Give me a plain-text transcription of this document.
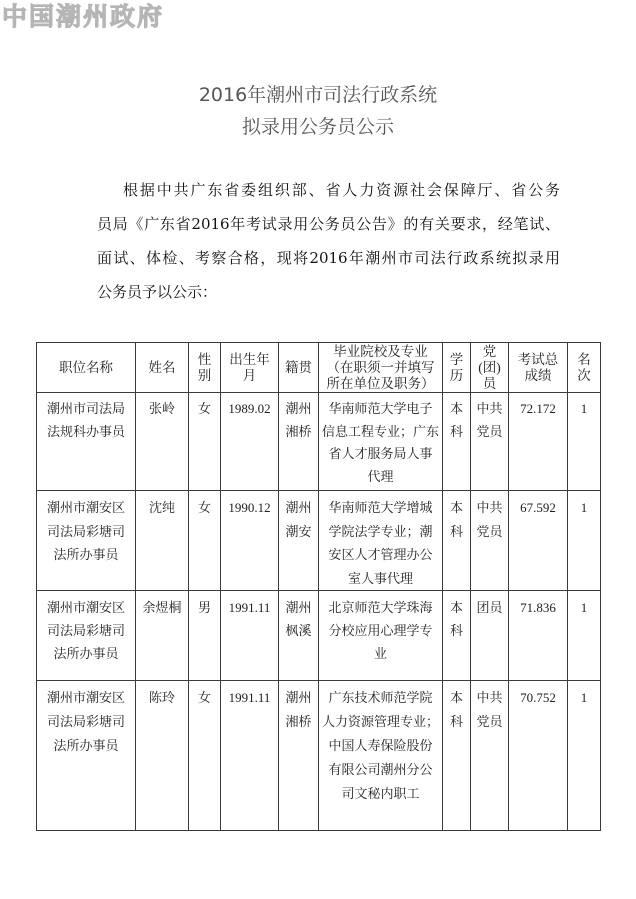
中国潮州政府
2016年潮州市司法行政系统
拟录用公务员公示
根据中共广东省委组织部、省人力资源社会保障厅、省公务
员局《广东省2016年考试录用公务员公告》的有关要求，经笔试、
面试、体检、考察合格，现将2016年潮州市司法行政系统拟录用
公务员予以公示：
职位名称	姓名	性
别	出生年
月	籍贯	毕业院校及专业
（在职须一并填写
所在单位及职务）	学
历	党
(团)
员	考试总
成绩	名
次
潮州市司法局
法规科办事员	张岭	女	1989.02	潮州
湘桥	华南师范大学电子
信息工程专业；广东
省人才服务局人事
代理	本
科	中共
党员	72.172	1
潮州市潮安区
司法局彩塘司
法所办事员	沈纯	女	1990.12	潮州
潮安	华南师范大学增城
学院法学专业；潮
安区人才管理办公
室人事代理	本
科	中共
党员	67.592	1
潮州市潮安区
司法局彩塘司
法所办事员	余煜桐	男	1991.11	潮州
枫溪	北京师范大学珠海
分校应用心理学专
业	本
科	团员	71.836	1
潮州市潮安区
司法局彩塘司
法所办事员	陈玲	女	1991.11	潮州
湘桥	广东技术师范学院
人力资源管理专业；
中国人寿保险股份
有限公司潮州分公
司文秘内职工	本
科	中共
党员	70.752	1
